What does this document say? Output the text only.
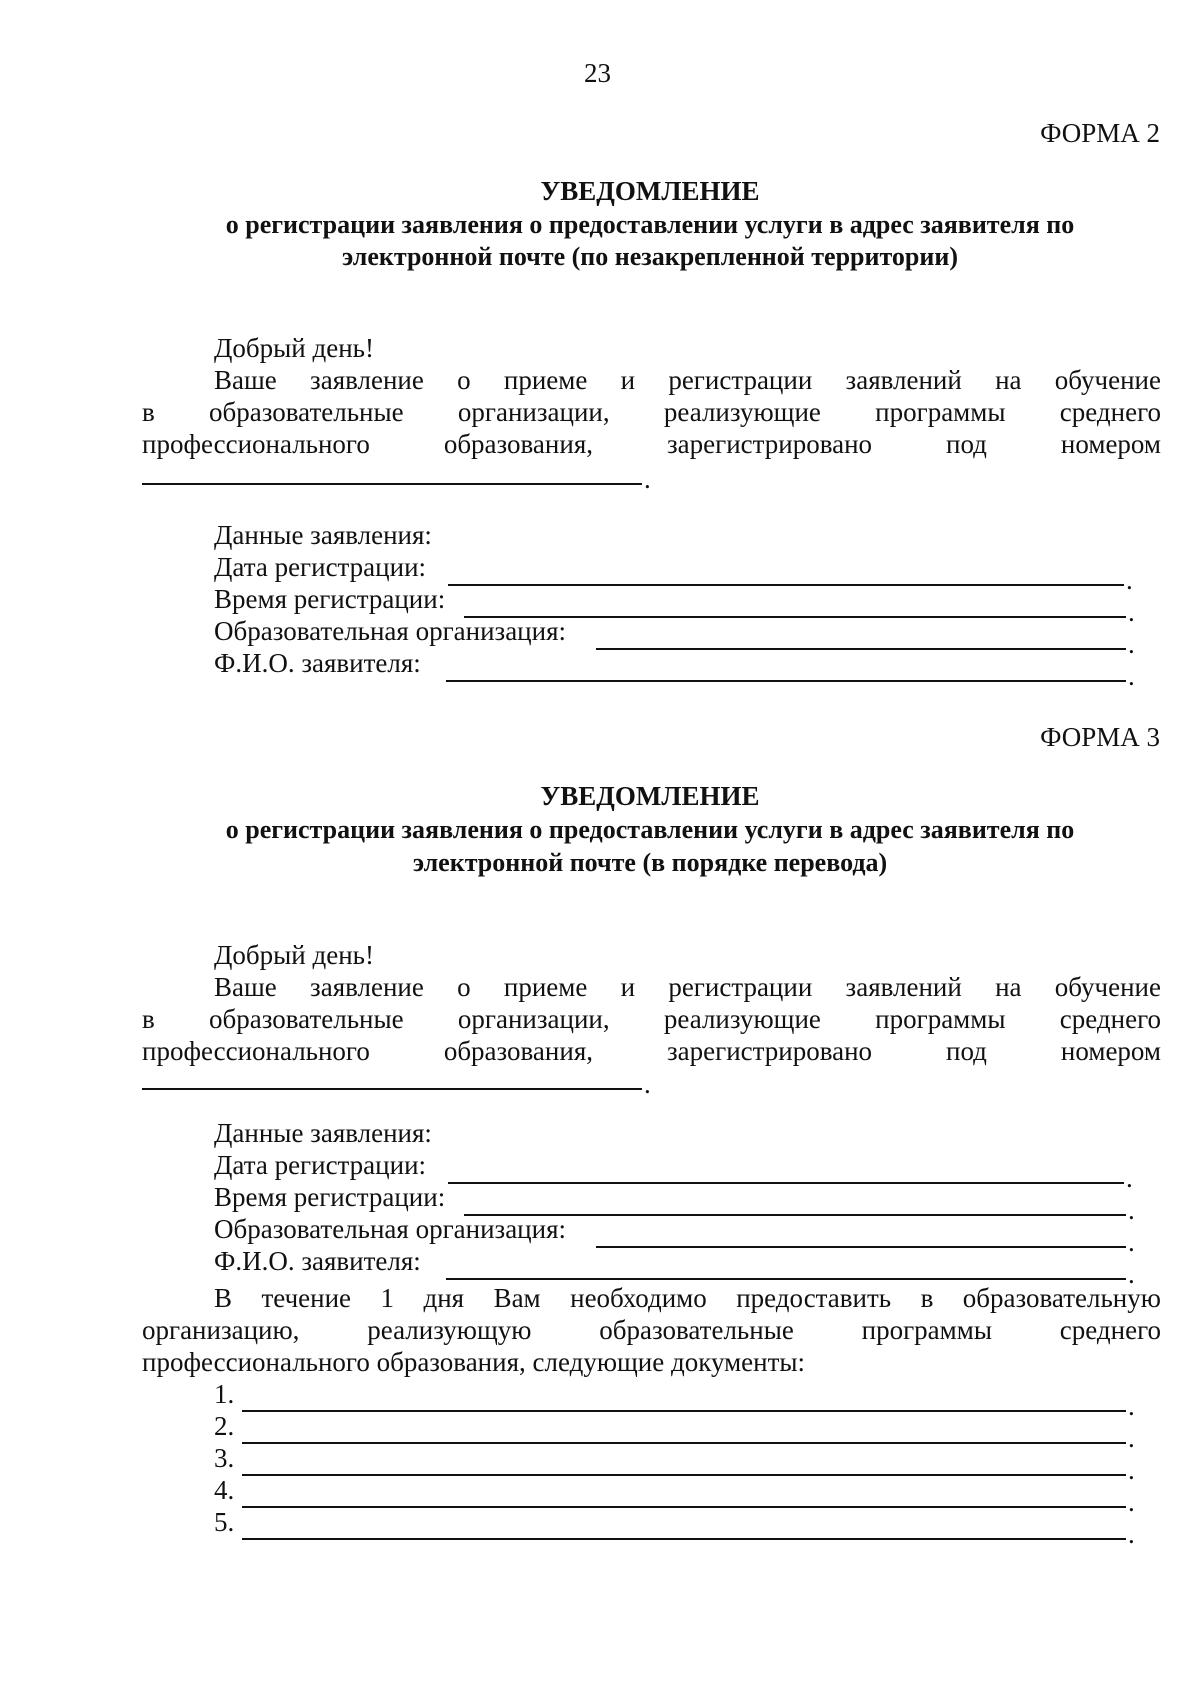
23
ФОРМА 2
УВЕДОМЛЕНИЕ
о регистрации заявления о предоставлении услуги в адрес заявителя по
электронной почте (по незакрепленной территории)
Добрый день!
Ваше заявление о приеме и регистрации заявлений на обучение
в образовательные организации, реализующие программы среднего
профессионального	образования,	зарегистрировано	под	номером
.
Данные заявления:
Дата регистрации:	.
Время регистрации:	.
Образовательная организация:	.
Ф.И.О. заявителя:	.
ФОРМА 3
УВЕДОМЛЕНИЕ
о регистрации заявления о предоставлении услуги в адрес заявителя по
электронной почте (в порядке перевода)
Добрый день!
Ваше заявление о приеме и регистрации заявлений на обучение
в образовательные организации, реализующие программы среднего
профессионального	образования,	зарегистрировано	под	номером
.
Данные заявления:
Дата регистрации:	.
Время регистрации:	.
Образовательная организация:	.
Ф.И.О. заявителя:	.
В течение 1 дня Вам необходимо предоставить в образовательную
организацию,	реализующую	образовательные	программы	среднего
профессионального образования, следующие документы:
1.	.
2.	.
3.	.
4.	.
5.	.
